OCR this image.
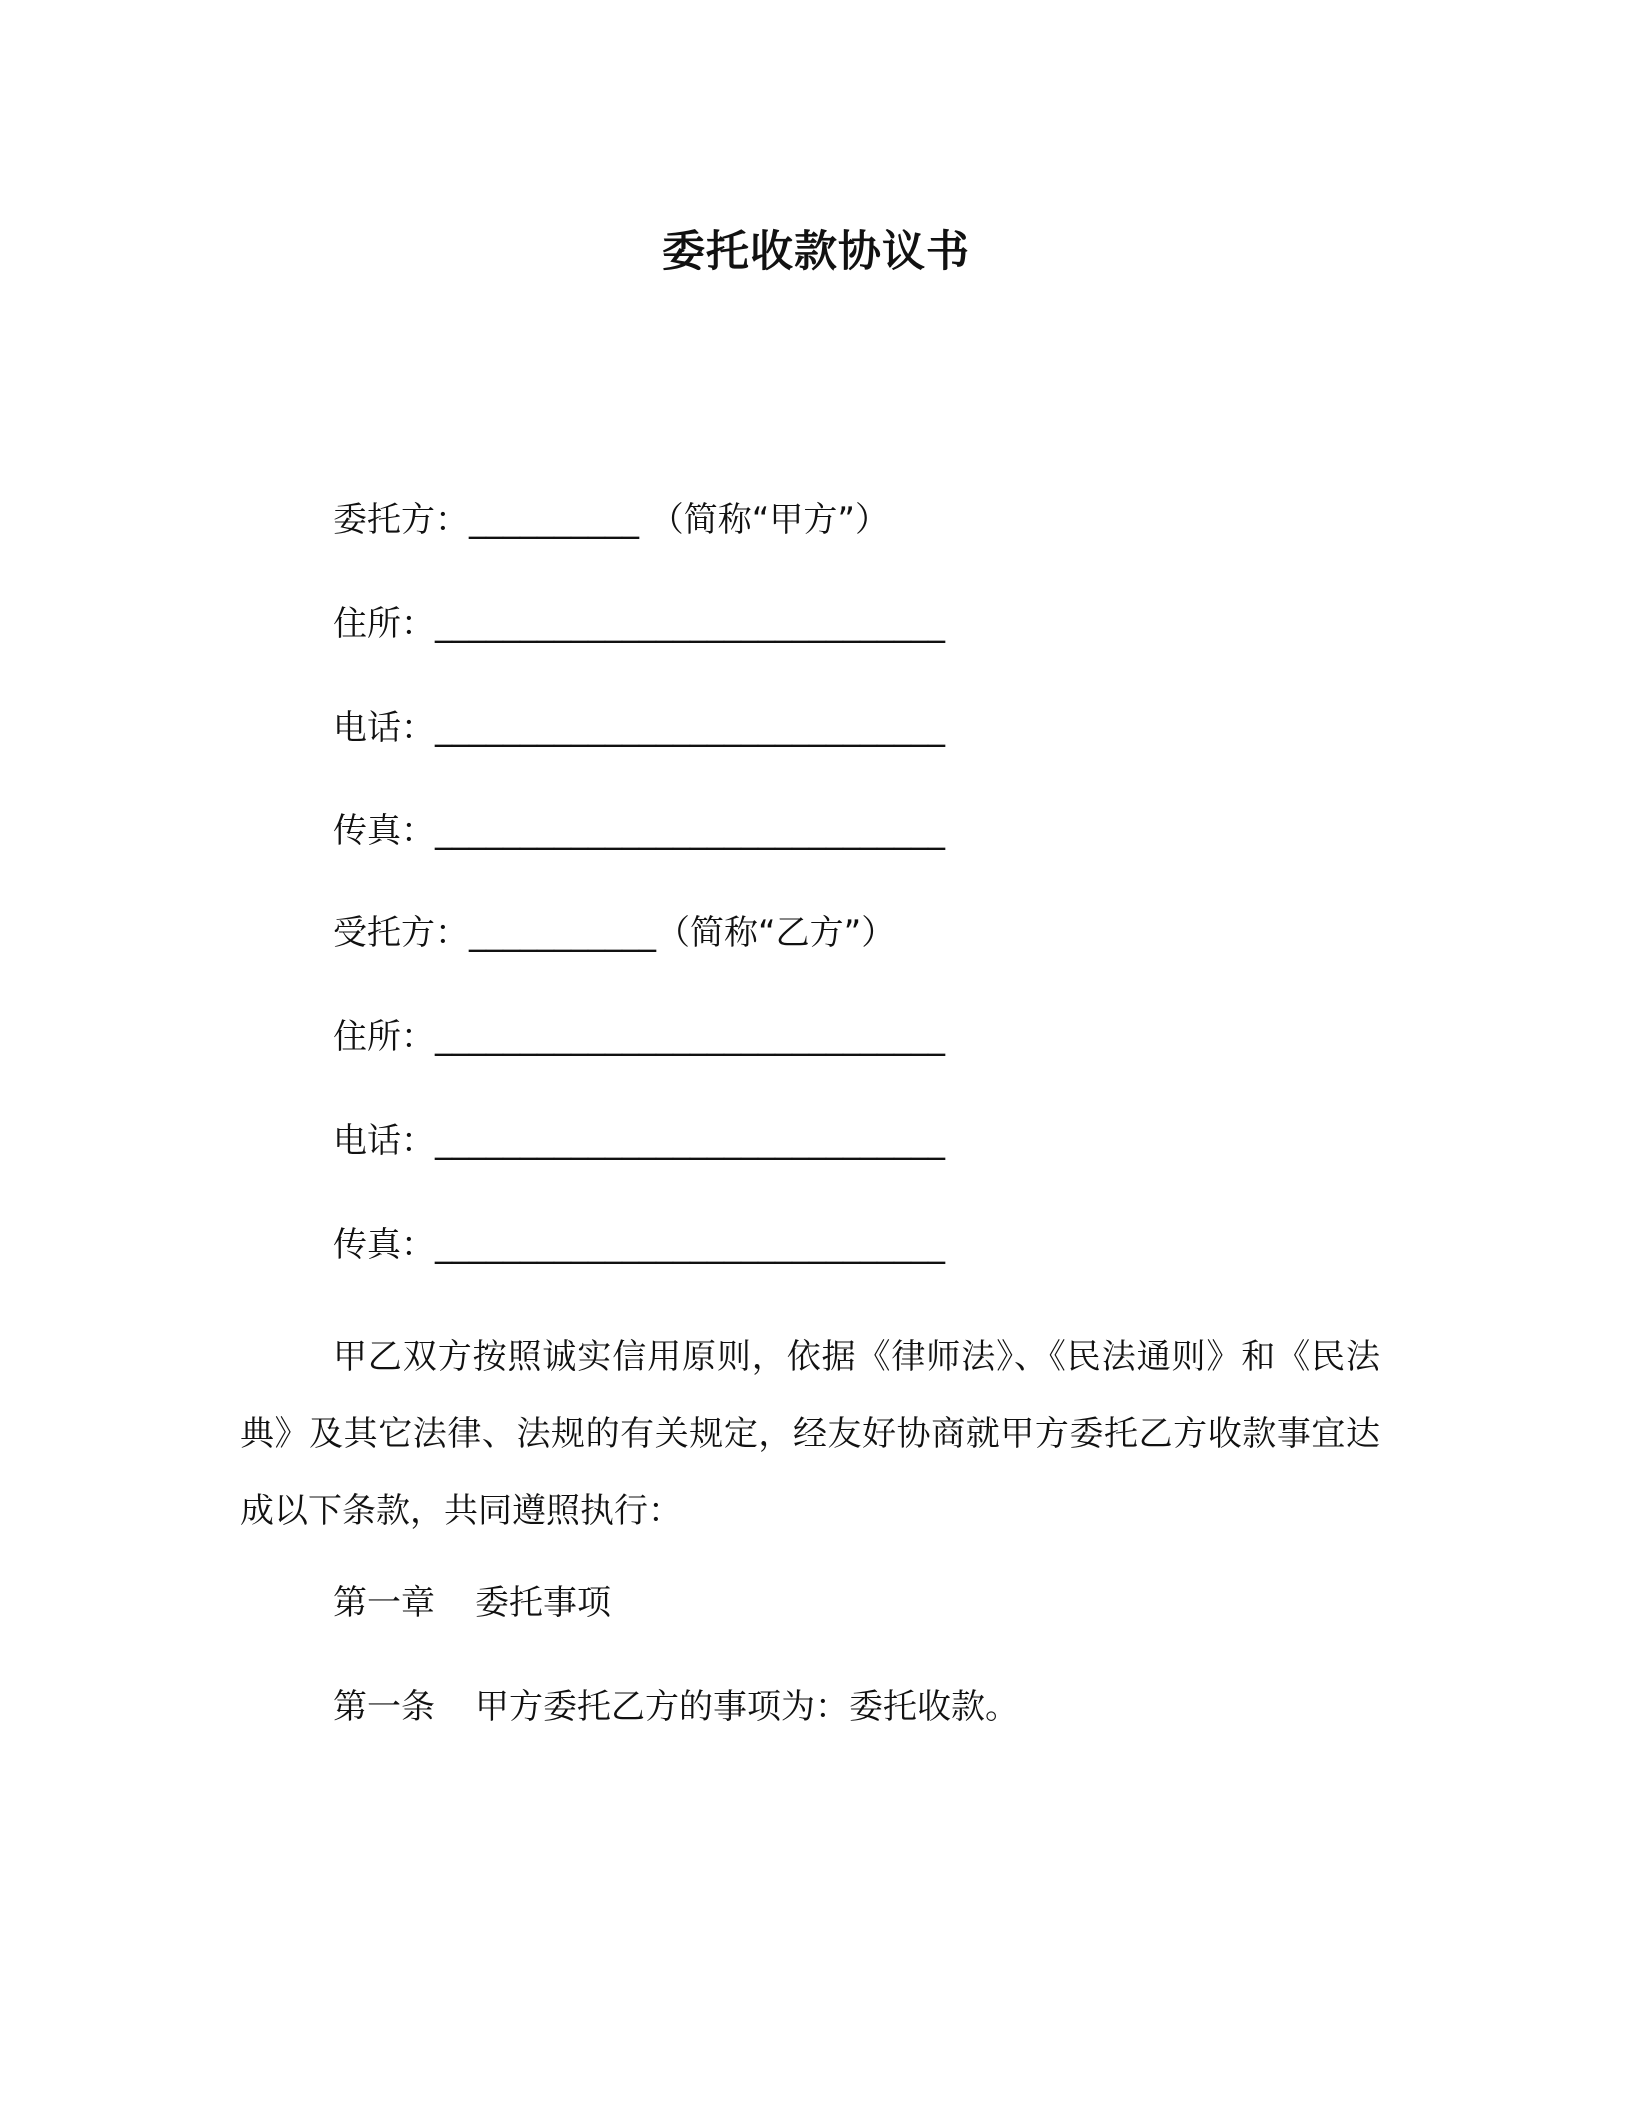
委托收款协议书
委托方：__________ （简称“甲方”）
住所：______________________________
电话：______________________________
传真：______________________________
受托方：___________（简称“乙方”）
住所：______________________________
电话：______________________________
传真：______________________________
甲乙双方按照诚实信用原则，依据《律师法》、《民法通则》和《民法典》及其它法律、法规的有关规定，经友好协商就甲方委托乙方收款事宜达成以下条款，共同遵照执行：
第一章 委托事项
第一条 甲方委托乙方的事项为：委托收款。
